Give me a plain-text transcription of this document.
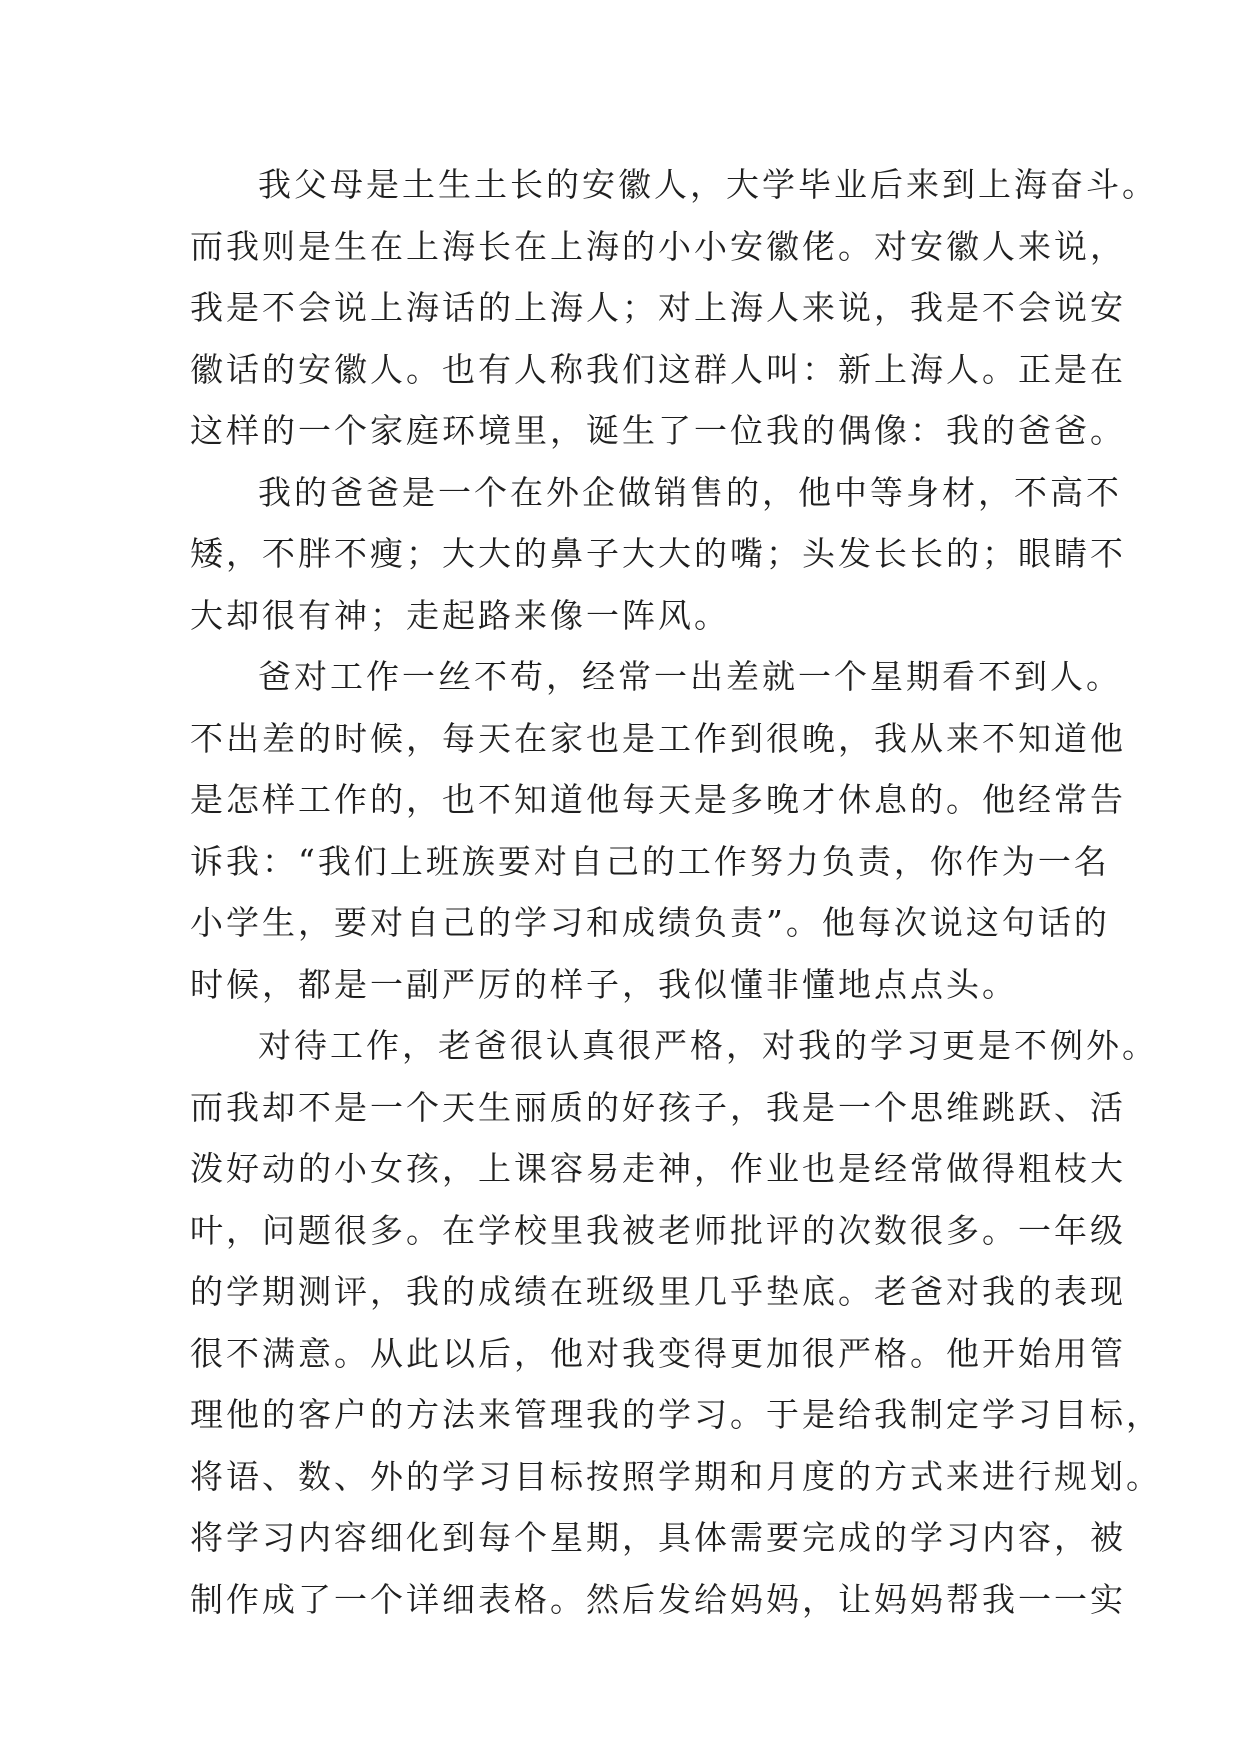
我父母是土生土长的安徽人，大学毕业后来到上海奋斗。
而我则是生在上海长在上海的小小安徽佬。对安徽人来说，
我是不会说上海话的上海人；对上海人来说，我是不会说安
徽话的安徽人。也有人称我们这群人叫：新上海人。正是在
这样的一个家庭环境里，诞生了一位我的偶像：我的爸爸。
我的爸爸是一个在外企做销售的，他中等身材，不高不
矮，不胖不瘦；大大的鼻子大大的嘴；头发长长的；眼睛不
大却很有神；走起路来像一阵风。
爸对工作一丝不苟，经常一出差就一个星期看不到人。
不出差的时候，每天在家也是工作到很晚，我从来不知道他
是怎样工作的，也不知道他每天是多晚才休息的。他经常告
诉我：“我们上班族要对自己的工作努力负责，你作为一名
小学生，要对自己的学习和成绩负责”。他每次说这句话的
时候，都是一副严厉的样子，我似懂非懂地点点头。
对待工作，老爸很认真很严格，对我的学习更是不例外。
而我却不是一个天生丽质的好孩子，我是一个思维跳跃、活
泼好动的小女孩，上课容易走神，作业也是经常做得粗枝大
叶，问题很多。在学校里我被老师批评的次数很多。一年级
的学期测评，我的成绩在班级里几乎垫底。老爸对我的表现
很不满意。从此以后，他对我变得更加很严格。他开始用管
理他的客户的方法来管理我的学习。于是给我制定学习目标，
将语、数、外的学习目标按照学期和月度的方式来进行规划。
将学习内容细化到每个星期，具体需要完成的学习内容，被
制作成了一个详细表格。然后发给妈妈，让妈妈帮我一一实
